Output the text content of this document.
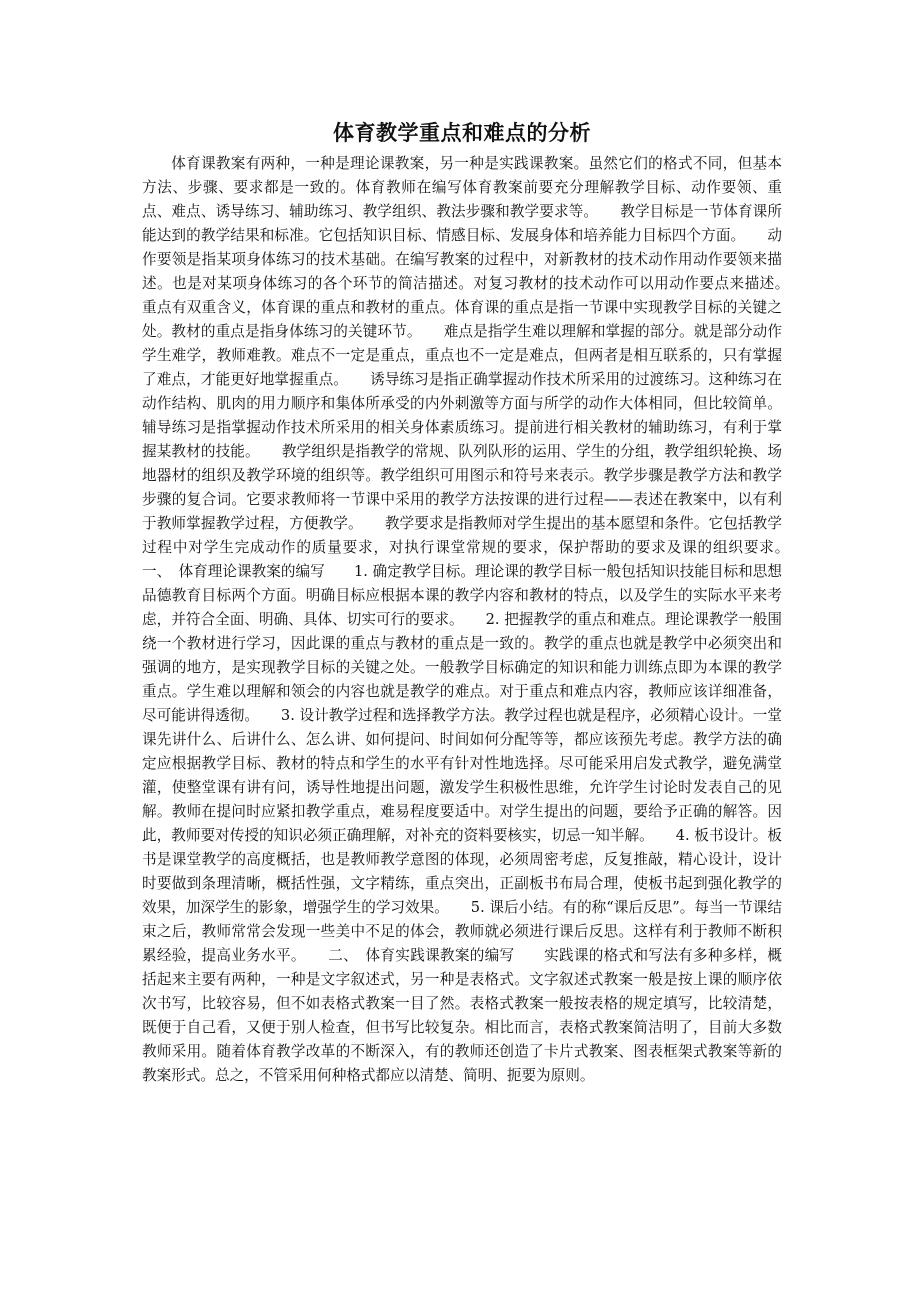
体育教学重点和难点的分析

体育课教案有两种，一种是理论课教案，另一种是实践课教案。虽然它们的格式不同，但基本方法、步骤、要求都是一致的。体育教师在编写体育教案前要充分理解教学目标、动作要领、重点、难点、诱导练习、辅助练习、教学组织、教法步骤和教学要求等。　　教学目标是一节体育课所能达到的教学结果和标准。它包括知识目标、情感目标、发展身体和培养能力目标四个方面。　　动作要领是指某项身体练习的技术基础。在编写教案的过程中，对新教材的技术动作用动作要领来描述。也是对某项身体练习的各个环节的简洁描述。对复习教材的技术动作可以用动作要点来描述。　　重点有双重含义，体育课的重点和教材的重点。体育课的重点是指一节课中实现教学目标的关键之处。教材的重点是指身体练习的关键环节。　　难点是指学生难以理解和掌握的部分。就是部分动作学生难学，教师难教。难点不一定是重点，重点也不一定是难点，但两者是相互联系的，只有掌握了难点，才能更好地掌握重点。　　诱导练习是指正确掌握动作技术所采用的过渡练习。这种练习在动作结构、肌肉的用力顺序和集体所承受的内外刺激等方面与所学的动作大体相同，但比较简单。辅导练习是指掌握动作技术所采用的相关身体素质练习。提前进行相关教材的辅助练习，有利于掌握某教材的技能。　　教学组织是指教学的常规、队列队形的运用、学生的分组，教学组织轮换、场地器材的组织及教学环境的组织等。教学组织可用图示和符号来表示。教学步骤是教学方法和教学步骤的复合词。它要求教师将一节课中采用的教学方法按课的进行过程——表述在教案中，以有利于教师掌握教学过程，方便教学。　　教学要求是指教师对学生提出的基本愿望和条件。它包括教学过程中对学生完成动作的质量要求，对执行课堂常规的要求，保护帮助的要求及课的组织要求。　　一、　体育理论课教案的编写　　1. 确定教学目标。理论课的教学目标一般包括知识技能目标和思想品德教育目标两个方面。明确目标应根据本课的教学内容和教材的特点，以及学生的实际水平来考虑，并符合全面、明确、具体、切实可行的要求。　　2. 把握教学的重点和难点。理论课教学一般围绕一个教材进行学习，因此课的重点与教材的重点是一致的。教学的重点也就是教学中必须突出和强调的地方，是实现教学目标的关键之处。一般教学目标确定的知识和能力训练点即为本课的教学重点。学生难以理解和领会的内容也就是教学的难点。对于重点和难点内容，教师应该详细准备，尽可能讲得透彻。　　3. 设计教学过程和选择教学方法。教学过程也就是程序，必须精心设计。一堂课先讲什么、后讲什么、怎么讲、如何提问、时间如何分配等等，都应该预先考虑。教学方法的确定应根据教学目标、教材的特点和学生的水平有针对性地选择。尽可能采用启发式教学，避免满堂灌，使整堂课有讲有问，诱导性地提出问题，激发学生积极性思维，允许学生讨论时发表自己的见解。教师在提问时应紧扣教学重点，难易程度要适中。对学生提出的问题，要给予正确的解答。因此，教师要对传授的知识必须正确理解，对补充的资料要核实，切忌一知半解。　　4. 板书设计。板书是课堂教学的高度概括，也是教师教学意图的体现，必须周密考虑，反复推敲，精心设计，设计时要做到条理清晰，概括性强，文字精练，重点突出，正副板书布局合理，使板书起到强化教学的效果，加深学生的影象，增强学生的学习效果。　　5. 课后小结。有的称“课后反思”。每当一节课结束之后，教师常常会发现一些美中不足的体会，教师就必须进行课后反思。这样有利于教师不断积累经验，提高业务水平。　　二、　体育实践课教案的编写　　实践课的格式和写法有多种多样，概括起来主要有两种，一种是文字叙述式，另一种是表格式。文字叙述式教案一般是按上课的顺序依次书写，比较容易，但不如表格式教案一目了然。表格式教案一般按表格的规定填写，比较清楚，既便于自己看，又便于别人检查，但书写比较复杂。相比而言，表格式教案简洁明了，目前大多数教师采用。随着体育教学改革的不断深入，有的教师还创造了卡片式教案、图表框架式教案等新的教案形式。总之，不管采用何种格式都应以清楚、简明、扼要为原则。
